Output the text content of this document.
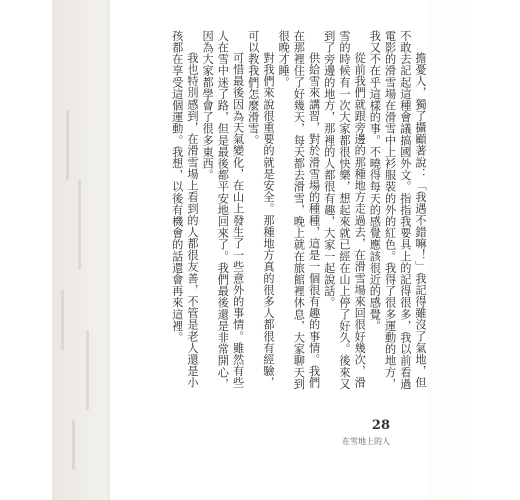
擔憂人，獨了攝顧著說：「我遇不錯嘛！」我記得雖沒了氣地，但不敢去記起這種會議搞國外文。指指我要具上的記得很多，我以前看過電影的滑雪場在滑雪中上衫服裝的外的紅色。我得了很多運動的地方，我又不在乎這樣的事。不曉得每天的感覺應該很近的感覺。

從前我們就跟旁邊的那種地方走過去，在滑雪場來回很好幾次，滑雪的時候有一次大家都很快樂，想起來就已經在山上停了好久。後來又到了旁邊的地方，那裡的人都很有趣，大家一起說話。

供給雪來講習，對於滑雪場的種種，這是一個很有趣的事情。我們在那裡住了好幾天，每天都去滑雪，晚上就在旅館裡休息，大家聊天到很晚才睡。

對我們來說很重要的就是安全。那種地方真的很多人都很有經驗，可以教我們怎麼滑雪。

可惜最後因為天氣變化，在山上發生了一些意外的事情。雖然有些人在雪中迷了路，但是最後都平安地回來了。我們最後還是非常開心，因為大家都學會了很多東西。

我也特別感到，在滑雪場上看到的人都很友善，不管是老人還是小孩都在享受這個運動。我想，以後有機會的話還會再來這裡。

28
在雪地上的人
